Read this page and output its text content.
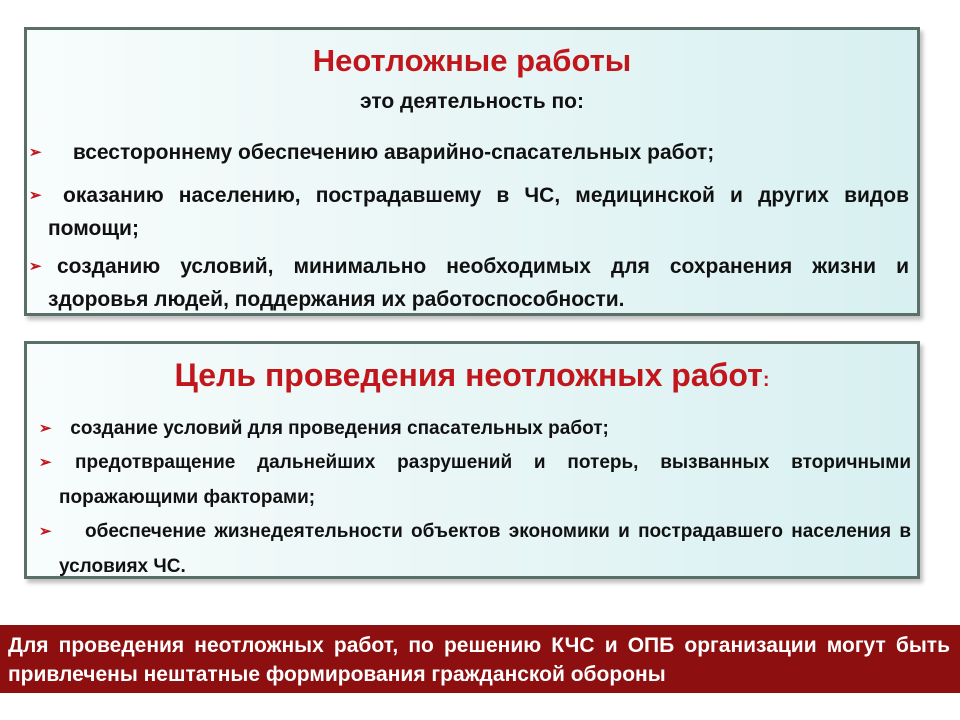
Неотложные работы
это деятельность по:
➢ всестороннему обеспечению аварийно-спасательных работ;
➢ оказанию населению, пострадавшему в ЧС, медицинской и других видов помощи;
➢ созданию условий, минимально необходимых для сохранения жизни и здоровья людей, поддержания их работоспособности.
Цель проведения неотложных работ:
➢ создание условий для проведения спасательных работ;
➢ предотвращение дальнейших разрушений и потерь, вызванных вторичными поражающими факторами;
➢ обеспечение жизнедеятельности объектов экономики и пострадавшего населения в условиях ЧС.
Для проведения неотложных работ, по решению КЧС и ОПБ организации могут быть привлечены нештатные формирования гражданской обороны
